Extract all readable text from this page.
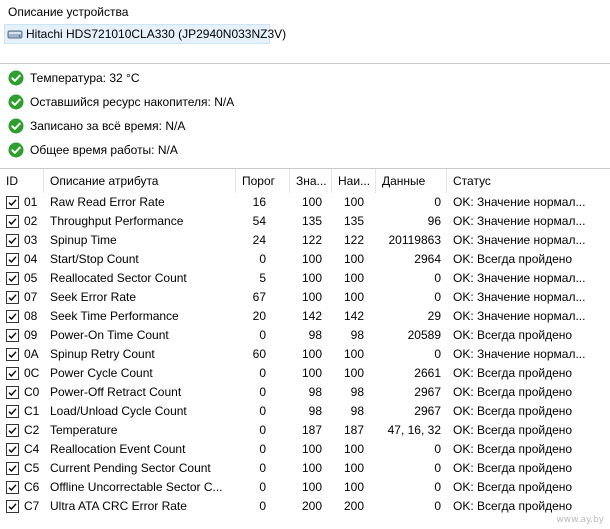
Описание устройства
Hitachi HDS721010CLA330 (JP2940N033NZ3V)
Температура: 32 °C
Оставшийся ресурс накопителя: N/A
Записано за всё время: N/A
Общее время работы: N/A
ID	Описание атрибута	Порог	Зна... Наи... Данные	Статус
01 Raw Read Error Rate	16	100	100	0 OK: Значение нормал...
02 Throughput Performance	54	135	135	96 OK: Значение нормал...
03 Spinup Time	24	122	122	20119863 OK: Значение нормал...
04 Start/Stop Count	0	100	100	2964 OK: Всегда пройдено
05 Reallocated Sector Count	5	100	100	0 OK: Значение нормал...
07 Seek Error Rate	67	100	100	0 OK: Значение нормал...
08 Seek Time Performance	20	142	142	29 OK: Значение нормал...
09 Power-On Time Count	0	98	98	20589 OK: Всегда пройдено
0A Spinup Retry Count	60	100	100	0 OK: Значение нормал...
0C Power Cycle Count	0	100	100	2661 OK: Всегда пройдено
C0 Power-Off Retract Count	0	98	98	2967 OK: Всегда пройдено
C1 Load/Unload Cycle Count	0	98	98	2967 OK: Всегда пройдено
C2 Temperature	0	187	187	47, 16, 32 OK: Всегда пройдено
C4 Reallocation Event Count	0	100	100	0 OK: Всегда пройдено
C5 Current Pending Sector Count	0	100	100	0 OK: Всегда пройдено
C6 Offline Uncorrectable Sector C...	0	100	100	0 OK: Всегда пройдено
C7 Ultra ATA CRC Error Rate	0	200	200	0 OK: Всегда пройдено
www.ay.by
